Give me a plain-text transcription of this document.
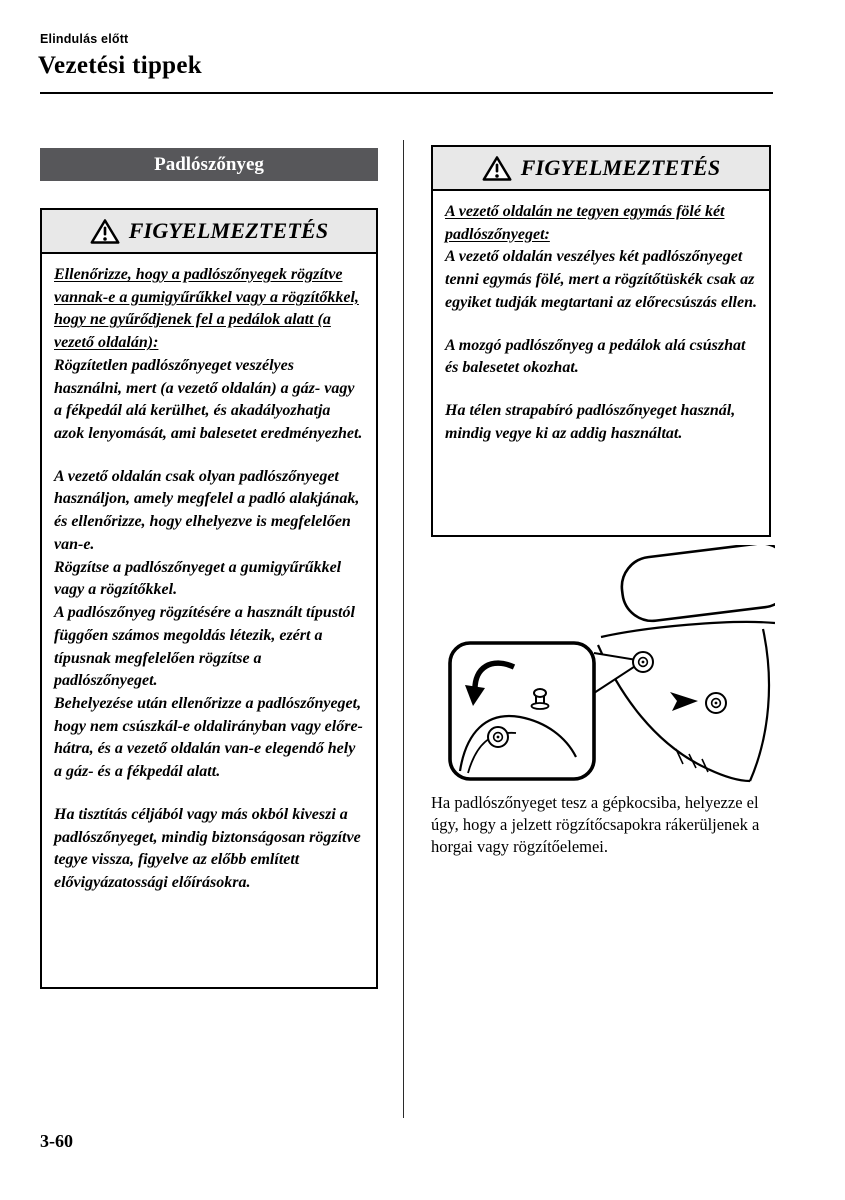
Elindulás előtt
Vezetési tippek
Padlószőnyeg
FIGYELMEZTETÉS

Ellenőrizze, hogy a padlószőnyegek rögzítve vannak-e a gumigyűrűkkel vagy a rögzítőkkel, hogy ne gyűrődjenek fel a pedálok alatt (a vezető oldalán):

Rögzítetlen padlószőnyeget veszélyes használni, mert (a vezető oldalán) a gáz- vagy a fékpedál alá kerülhet, és akadályozhatja azok lenyomását, ami balesetet eredményezhet.

A vezető oldalán csak olyan padlószőnyeget használjon, amely megfelel a padló alakjának, és ellenőrizze, hogy elhelyezve is megfelelően van-e.

Rögzítse a padlószőnyeget a gumigyűrűkkel vagy a rögzítőkkel.

A padlószőnyeg rögzítésére a használt típustól függően számos megoldás létezik, ezért a típusnak megfelelően rögzítse a padlószőnyeget.

Behelyezése után ellenőrizze a padlószőnyeget, hogy nem csúszkál-e oldalirányban vagy előre-hátra, és a vezető oldalán van-e elegendő hely a gáz- és a fékpedál alatt.

Ha tisztítás céljából vagy más okból kiveszi a padlószőnyeget, mindig biztonságosan rögzítve tegye vissza, figyelve az előbb említett elővigyázatossági előírásokra.

FIGYELMEZTETÉS

A vezető oldalán ne tegyen egymás fölé két padlószőnyeget:

A vezető oldalán veszélyes két padlószőnyeget tenni egymás fölé, mert a rögzítőtüskék csak az egyiket tudják megtartani az előrecsúszás ellen.

A mozgó padlószőnyeg a pedálok alá csúszhat és balesetet okozhat.

Ha télen strapabíró padlószőnyeget használ, mindig vegye ki az addig használtat.

Ha padlószőnyeget tesz a gépkocsiba, helyezze el úgy, hogy a jelzett rögzítőcsapokra rákerüljenek a horgai vagy rögzítőelemei.
3-60
